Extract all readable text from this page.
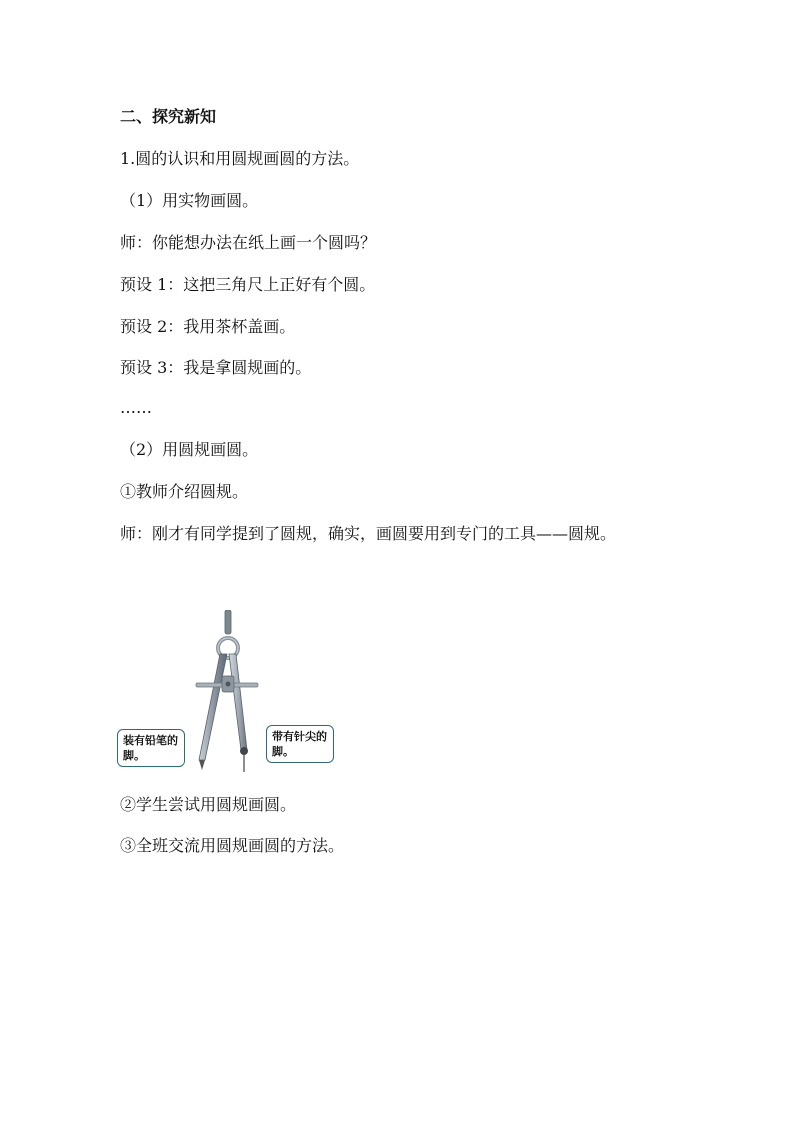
二、探究新知
1.圆的认识和用圆规画圆的方法。
（1）用实物画圆。
师：你能想办法在纸上画一个圆吗？
预设 1：这把三角尺上正好有个圆。
预设 2：我用茶杯盖画。
预设 3：我是拿圆规画的。
……
（2）用圆规画圆。
①教师介绍圆规。
师：刚才有同学提到了圆规，确实，画圆要用到专门的工具——圆规。
装有铅笔的脚。
带有针尖的脚。
②学生尝试用圆规画圆。
③全班交流用圆规画圆的方法。
